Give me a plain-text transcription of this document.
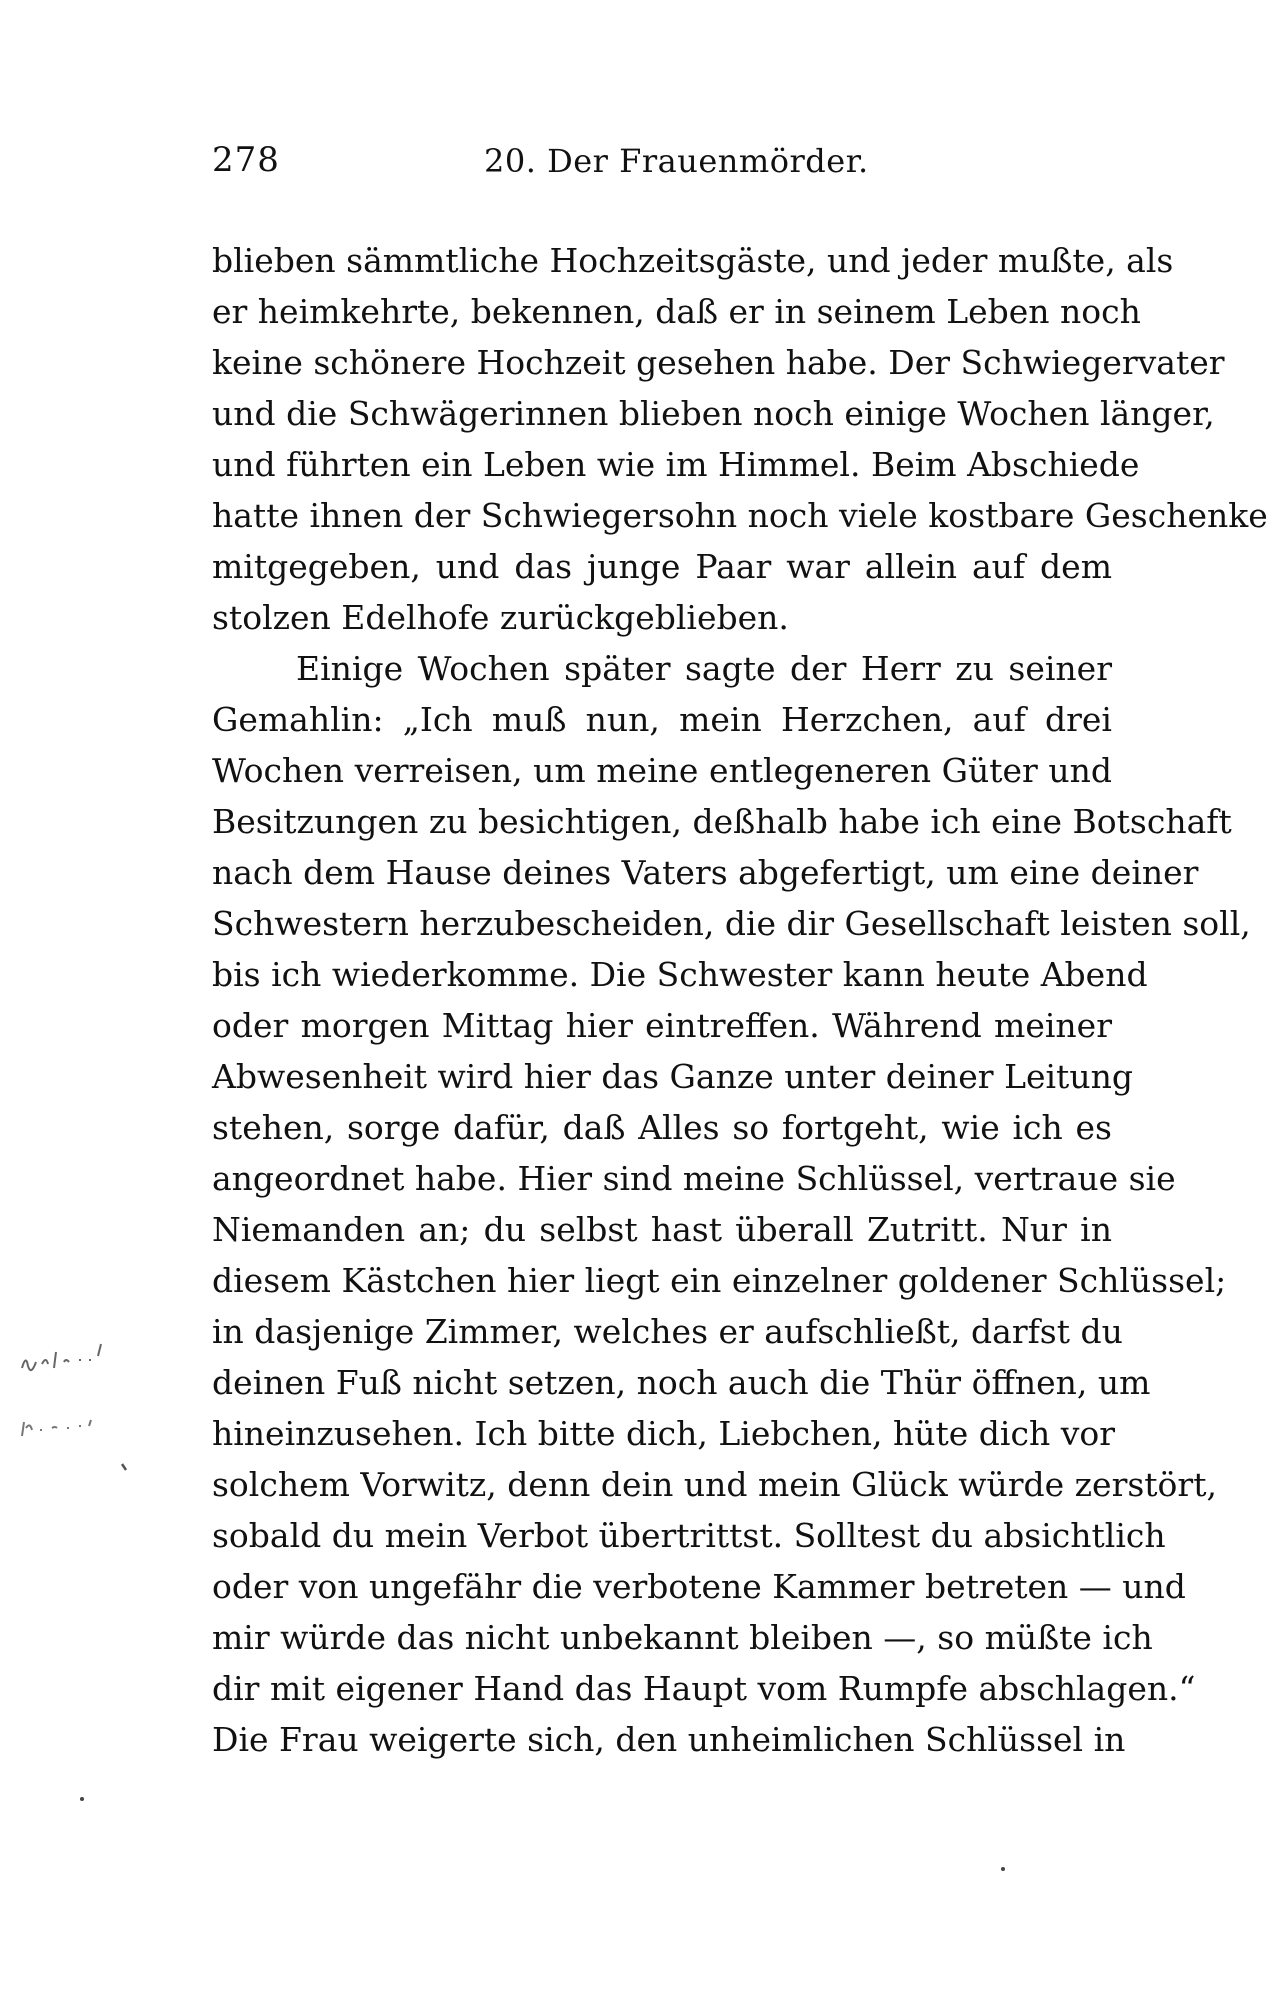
278	20. Der Frauenmörder.
blieben sämmtliche Hochzeitsgäste, und jeder mußte, als
er heimkehrte, bekennen, daß er in seinem Leben noch
keine schönere Hochzeit gesehen habe. Der Schwiegervater
und die Schwägerinnen blieben noch einige Wochen länger,
und führten ein Leben wie im Himmel. Beim Abschiede
hatte ihnen der Schwiegersohn noch viele kostbare Geschenke
mitgegeben, und das junge Paar war allein auf dem
stolzen Edelhofe zurückgeblieben.
Einige Wochen später sagte der Herr zu seiner
Gemahlin: „Ich muß nun, mein Herzchen, auf drei
Wochen verreisen, um meine entlegeneren Güter und
Besitzungen zu besichtigen, deßhalb habe ich eine Botschaft
nach dem Hause deines Vaters abgefertigt, um eine deiner
Schwestern herzubescheiden, die dir Gesellschaft leisten soll,
bis ich wiederkomme. Die Schwester kann heute Abend
oder morgen Mittag hier eintreffen. Während meiner
Abwesenheit wird hier das Ganze unter deiner Leitung
stehen, sorge dafür, daß Alles so fortgeht, wie ich es
angeordnet habe. Hier sind meine Schlüssel, vertraue sie
Niemanden an; du selbst hast überall Zutritt. Nur in
diesem Kästchen hier liegt ein einzelner goldener Schlüssel;
in dasjenige Zimmer, welches er aufschließt, darfst du
deinen Fuß nicht setzen, noch auch die Thür öffnen, um
hineinzusehen. Ich bitte dich, Liebchen, hüte dich vor
solchem Vorwitz, denn dein und mein Glück würde zerstört,
sobald du mein Verbot übertrittst. Solltest du absichtlich
oder von ungefähr die verbotene Kammer betreten — und
mir würde das nicht unbekannt bleiben —, so müßte ich
dir mit eigener Hand das Haupt vom Rumpfe abschlagen.“
Die Frau weigerte sich, den unheimlichen Schlüssel in
